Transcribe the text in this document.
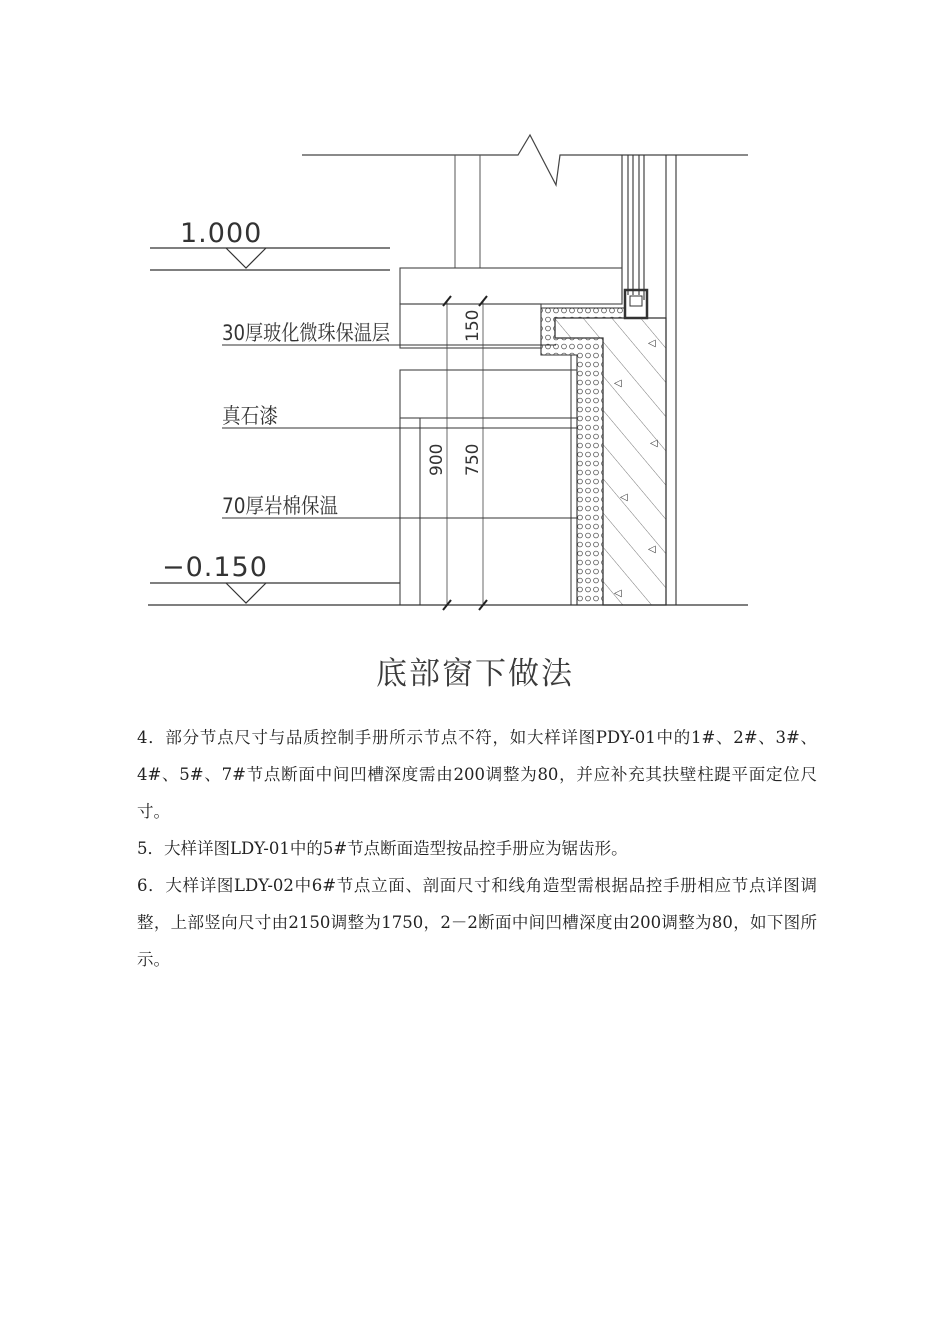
◁
◁
◁
◁
◁
◁
1.000
−0.150
30厚玻化微珠保温层
真石漆
70厚岩棉保温
150
900 750
底部窗下做法

4．部分节点尺寸与品质控制手册所示节点不符，如大样详图PDY-01中的1#、2#、3#、4#、5#、7#节点断面中间凹槽深度需由200调整为80，并应补充其扶壁柱踶平面定位尺寸。

5．大样详图LDY-01中的5#节点断面造型按品控手册应为锯齿形。

6．大样详图LDY-02中6#节点立面、剖面尺寸和线角造型需根据品控手册相应节点详图调整，上部竖向尺寸由2150调整为1750，2－2断面中间凹槽深度由200调整为80，如下图所示。
